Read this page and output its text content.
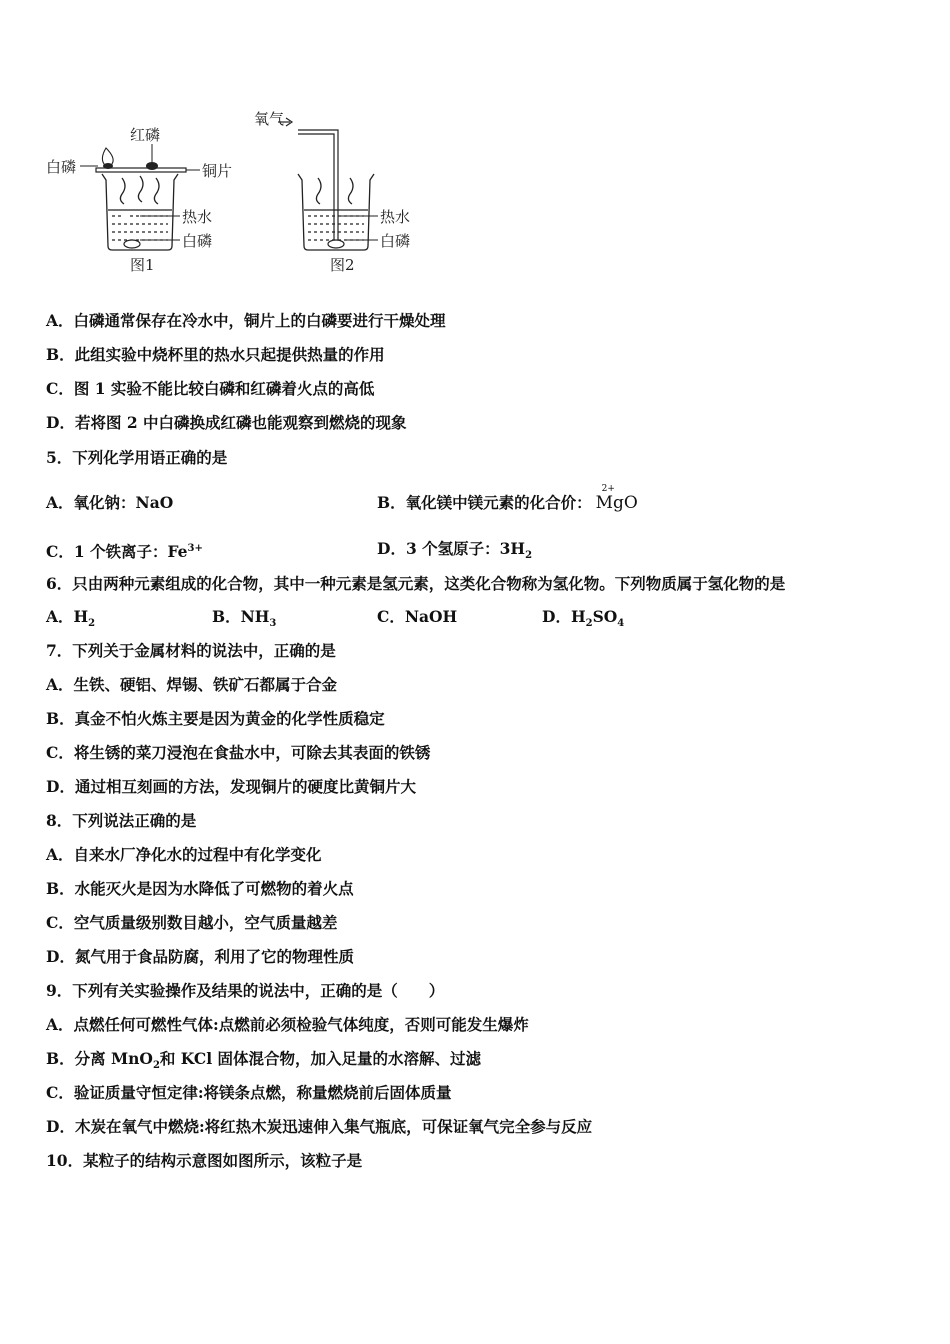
红磷
白磷	铜片
热水
白磷
图1
氧气
热水
白磷
图2
A．白磷通常保存在冷水中，铜片上的白磷要进行干燥处理
B．此组实验中烧杯里的热水只起提供热量的作用
C．图 1 实验不能比较白磷和红磷着火点的高低
D．若将图 2 中白磷换成红磷也能观察到燃烧的现象
5．下列化学用语正确的是
A．氧化钠：NaO	B．氧化镁中镁元素的化合价：
2+
MgO
C．1 个铁离子：$Fe^{3+}$	D．3 个氢原子：$3H_2$
6．只由两种元素组成的化合物，其中一种元素是氢元素，这类化合物称为氢化物。下列物质属于氢化物的是
A．$H_2$	B．$NH_3$	C．NaOH	D．$H_2SO_4$
7．下列关于金属材料的说法中，正确的是
A．生铁、硬铝、焊锡、铁矿石都属于合金
B．真金不怕火炼主要是因为黄金的化学性质稳定
C．将生锈的菜刀浸泡在食盐水中，可除去其表面的铁锈
D．通过相互刻画的方法，发现铜片的硬度比黄铜片大
8．下列说法正确的是
A．自来水厂净化水的过程中有化学变化
B．水能灭火是因为水降低了可燃物的着火点
C．空气质量级别数目越小，空气质量越差
D．氮气用于食品防腐，利用了它的物理性质
9．下列有关实验操作及结果的说法中，正确的是（　　）
A．点燃任何可燃性气体:点燃前必须检验气体纯度，否则可能发生爆炸
B．分离 MnO$_2$和 KCl 固体混合物，加入足量的水溶解、过滤
C．验证质量守恒定律:将镁条点燃，称量燃烧前后固体质量
D．木炭在氧气中燃烧:将红热木炭迅速伸入集气瓶底，可保证氧气完全参与反应
10．某粒子的结构示意图如图所示，该粒子是
